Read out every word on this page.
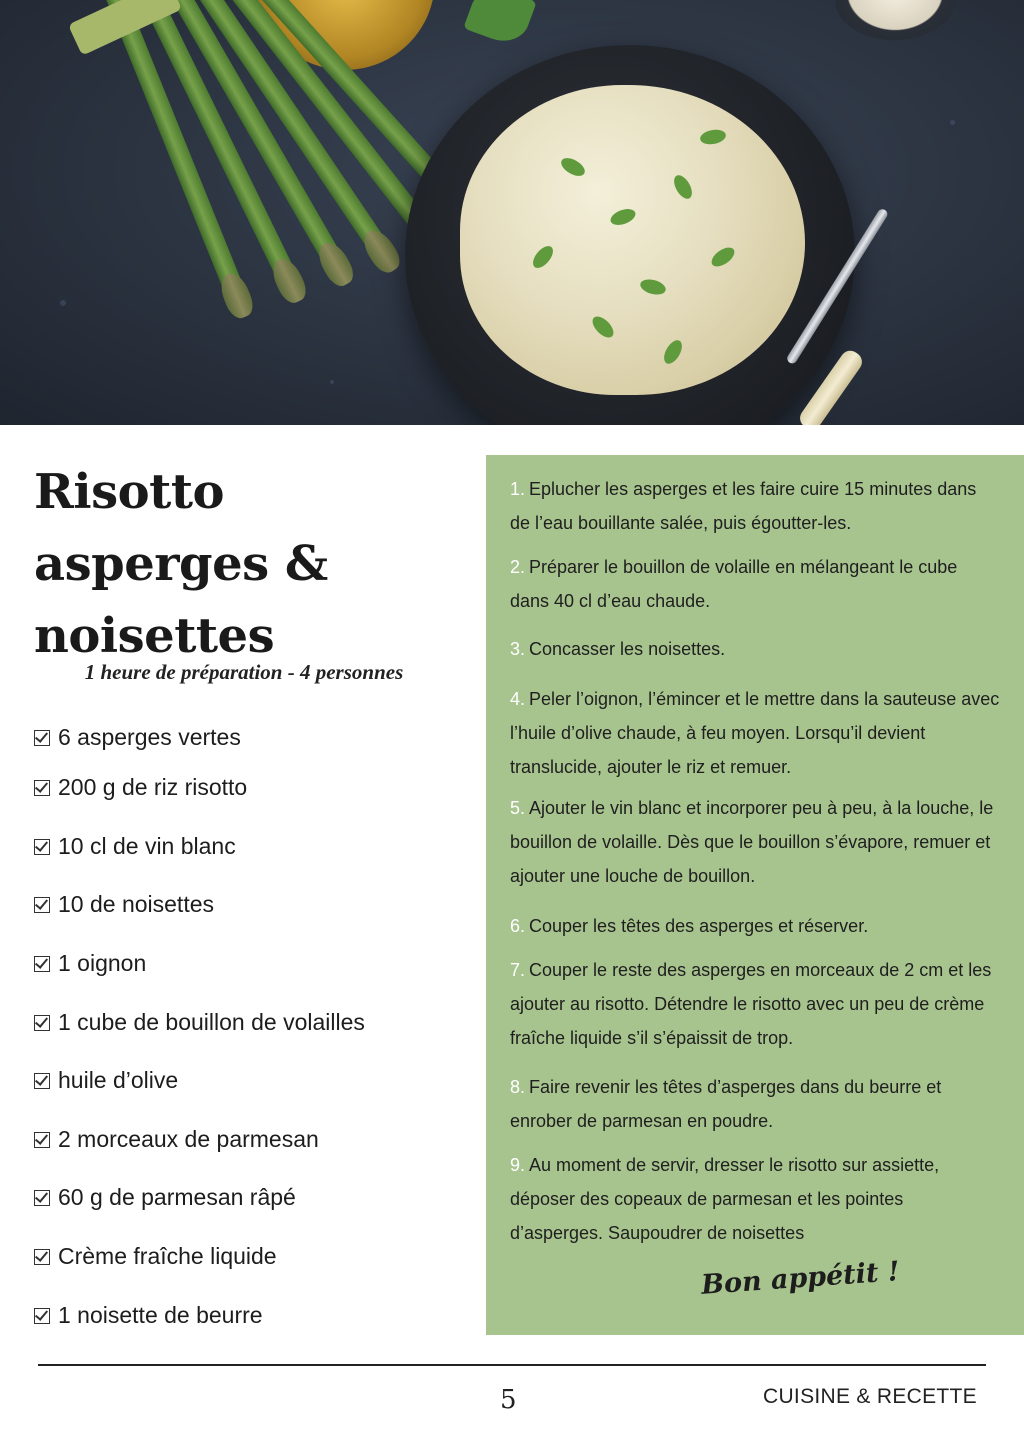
Risotto asperges &
noisettes
1 heure de préparation - 4 personnes
6 asperges vertes
200 g de riz risotto
10 cl de vin blanc
10 de noisettes
1 oignon
1 cube de bouillon de volailles
huile d’olive
2 morceaux de parmesan
60 g de parmesan râpé
Crème fraîche liquide
1 noisette de beurre

1. Eplucher les asperges et les faire cuire 15 minutes dans de l’eau bouillante salée, puis égoutter-les.

2. Préparer le bouillon de volaille en mélangeant le cube dans 40 cl d’eau chaude.

3. Concasser les noisettes.

4. Peler l’oignon, l’émincer et le mettre dans la sauteuse avec l’huile d’olive chaude, à feu moyen. Lorsqu’il devient translucide, ajouter le riz et remuer.

5. Ajouter le vin blanc et incorporer peu à peu, à la louche, le bouillon de volaille. Dès que le bouillon s’évapore, remuer et ajouter une louche de bouillon.

6. Couper les têtes des asperges et réserver.

7. Couper le reste des asperges en morceaux de 2 cm et les ajouter au risotto. Détendre le risotto avec un peu de crème fraîche liquide s’il s’épaissit de trop.

8. Faire revenir les têtes d’asperges dans du beurre et enrober de parmesan en poudre.

9. Au moment de servir, dresser le risotto sur assiette, déposer des copeaux de parmesan et les pointes d’asperges. Saupoudrer de noisettes

Bon appétit !
5	CUISINE & RECETTE
